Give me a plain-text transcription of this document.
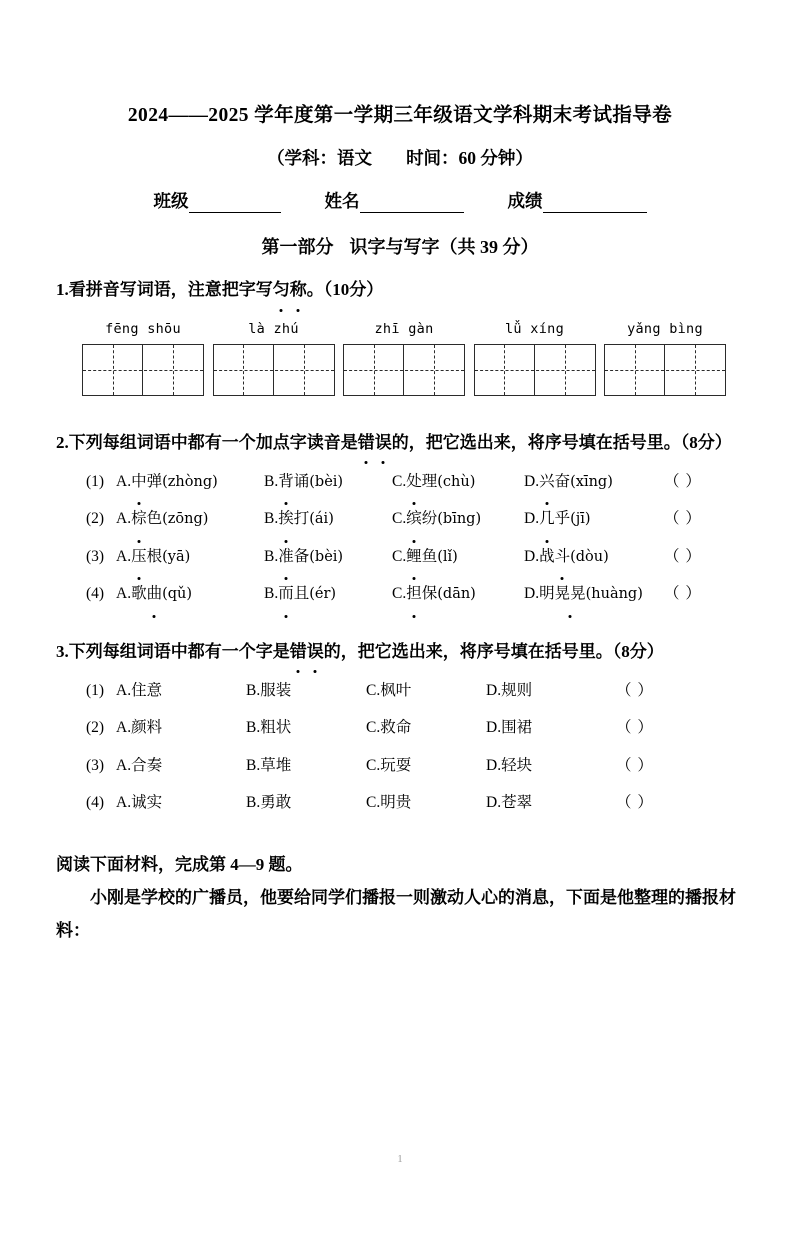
2024——2025 学年度第一学期三年级语文学科期末考试指导卷
（学科：语文 时间：60 分钟）
班级	姓名	成绩
第一部分 识字与写字（共 39 分）
1.看拼音写词语，注意把字写匀称。（10分）
fēng shōu	là zhú	zhī gàn	lǚ xíng	yǎng bìng
2.下列每组词语中都有一个加点字读音是错误的，把它选出来，将序号填在括号里。（8分）
(1) A.中弹(zhòng)	B.背诵(bèi)	C.处理(chù)	D.兴奋(xīng)	（ ）
(2) A.棕色(zōng)	B.挨打(ái)	C.缤纷(bīng)	D.几乎(jī)	（ ）
(3) A.压根(yā)	B.准备(bèi)	C.鲤鱼(lǐ)	D.战斗(dòu)	（ ）
(4) A.歌曲(qǔ)	B.而且(ér)	C.担保(dān)	D.明晃晃(huàng)	（ ）
3.下列每组词语中都有一个字是错误的，把它选出来，将序号填在括号里。（8分）
(1) A.住意	B.服装	C.枫叶	D.规则	（ ）
(2) A.颜料	B.粗状	C.救命	D.围裙	（ ）
(3) A.合奏	B.草堆	C.玩耍	D.轻块	（ ）
(4) A.诚实	B.勇敢	C.明贵	D.苍翠	（ ）
阅读下面材料，完成第 4—9 题。
小刚是学校的广播员，他要给同学们播报一则激动人心的消息，下面是他整理的播报材料：
1
